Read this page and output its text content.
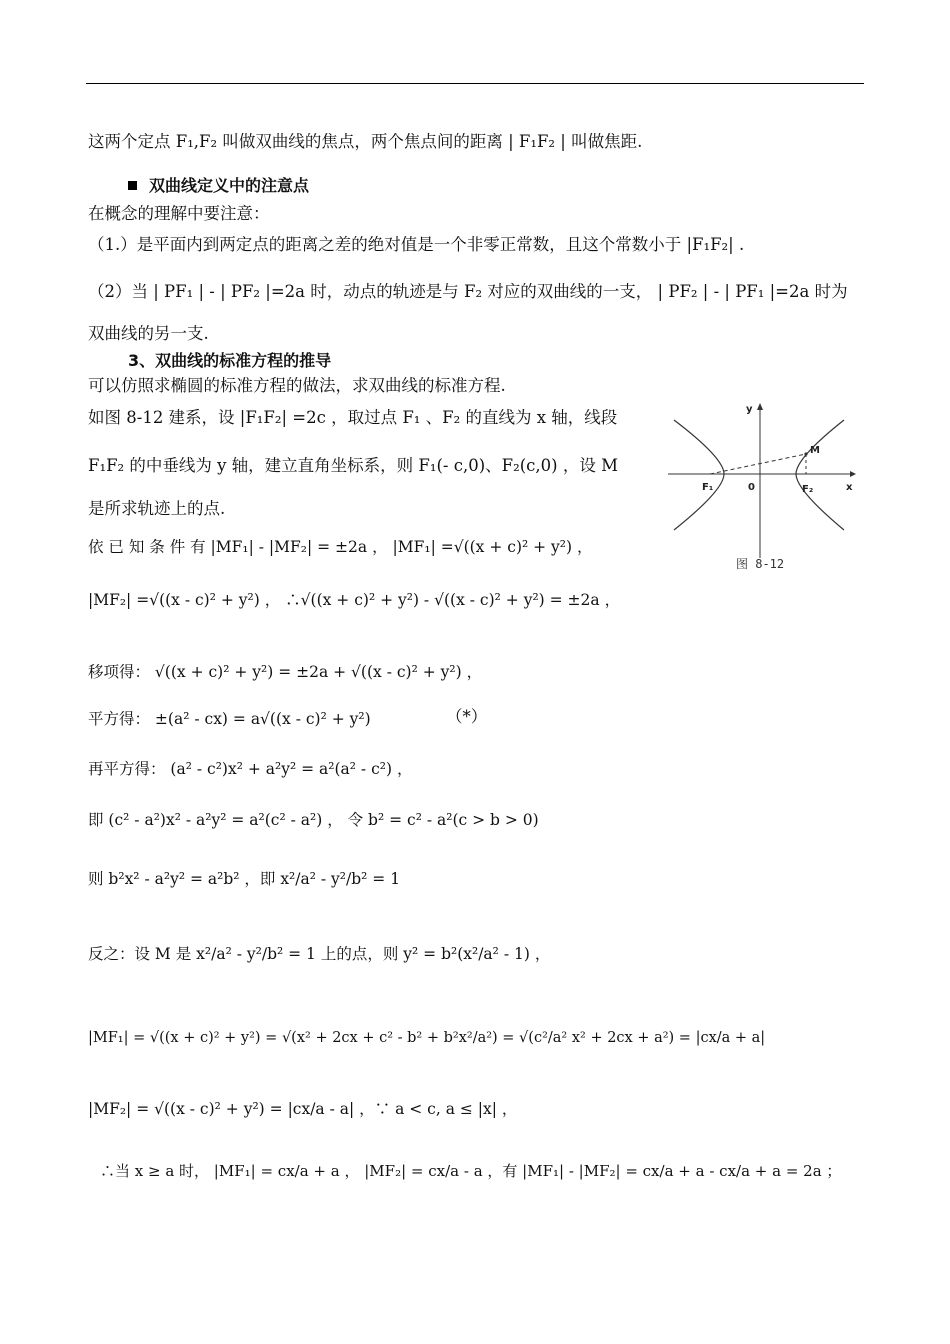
这两个定点 F₁,F₂ 叫做双曲线的焦点，两个焦点间的距离 | F₁F₂ | 叫做焦距.
双曲线定义中的注意点
在概念的理解中要注意：
（1.）是平面内到两定点的距离之差的绝对值是一个非零正常数，且这个常数小于 |F₁F₂| .
（2）当 | PF₁ | - | PF₂ |=2a 时，动点的轨迹是与 F₂ 对应的双曲线的一支， | PF₂ | - | PF₁ |=2a 时为
双曲线的另一支.
3、双曲线的标准方程的推导
可以仿照求椭圆的标准方程的做法，求双曲线的标准方程.
如图 8-12 建系，设 |F₁F₂| =2c ，取过点 F₁ 、F₂ 的直线为 x 轴，线段
F₁F₂ 的中垂线为 y 轴，建立直角坐标系，则 F₁(- c,0)、F₂(c,0) ，设 M
是所求轨迹上的点.
依 已 知 条 件 有 |MF₁| - |MF₂| = ±2a ， |MF₁| =√((x + c)² + y²) ，
|MF₂| =√((x - c)² + y²) ， ∴√((x + c)² + y²) - √((x - c)² + y²) = ±2a ，
移项得： √((x + c)² + y²) = ±2a + √((x - c)² + y²) ，
平方得： ±(a² - cx) = a√((x - c)² + y²)	（*）
再平方得： (a² - c²)x² + a²y² = a²(a² - c²) ，
即 (c² - a²)x² - a²y² = a²(c² - a²) ， 令 b² = c² - a²(c > b > 0)
则 b²x² - a²y² = a²b² ，即 x²/a² - y²/b² = 1
反之：设 M 是 x²/a² - y²/b² = 1 上的点，则 y² = b²(x²/a² - 1) ，
|MF₁| = √((x + c)² + y²) = √(x² + 2cx + c² - b² + b²x²/a²) = √(c²/a² x² + 2cx + a²) = |cx/a + a|
|MF₂| = √((x - c)² + y²) = |cx/a - a| ，∵ a < c, a ≤ |x| ，
∴当 x ≥ a 时， |MF₁| = cx/a + a ， |MF₂| = cx/a - a ，有 |MF₁| - |MF₂| = cx/a + a - cx/a + a = 2a ；
y
x
0
F₁	F₂
M
图 8-12
